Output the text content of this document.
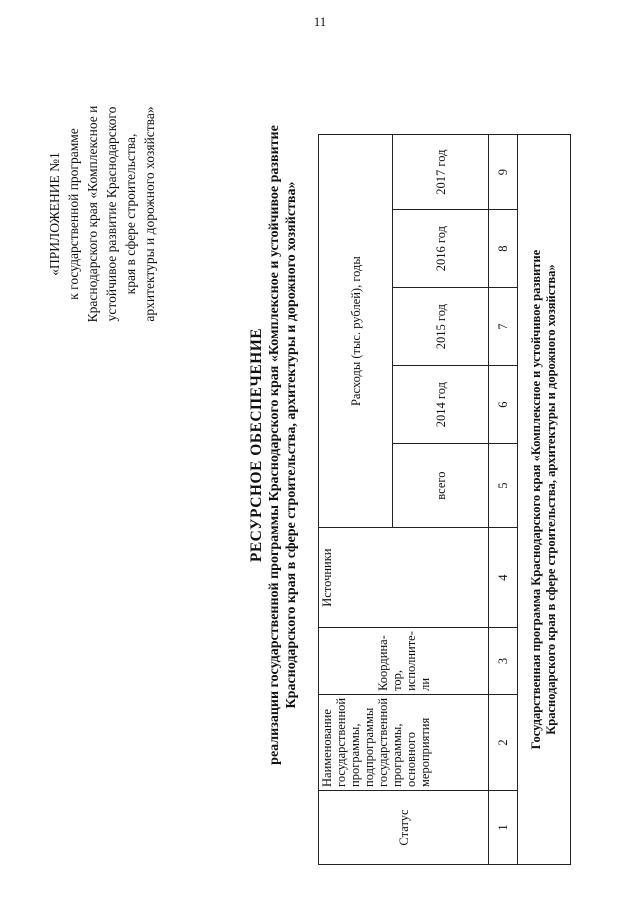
11
«ПРИЛОЖЕНИЕ №1 к государственной программе Краснодарского края «Комплексное и устойчивое развитие Краснодарского края в сфере строительства, архитектуры и дорожного хозяйства»
РЕСУРСНОЕ ОБЕСПЕЧЕНИЕ реализации государственной программы Краснодарского края «Комплексное и устойчивое развитие Краснодарского края в сфере строительства, архитектуры и дорожного хозяйства»
Статус	Наименование государственной программы, подпрограммы государственной программы, основного мероприятия	Координа-тор, исполните-ли	Источники	Расходы (тыс. рублей), годы				
				всего	2014 год	2015 год	2016 год	2017 год
1	2	3	4	5	6	7	8	9

Государственная программа Краснодарского края «Комплексное и устойчивое развитие Краснодарского края в сфере строительства, архитектуры и дорожного хозяйства»								
